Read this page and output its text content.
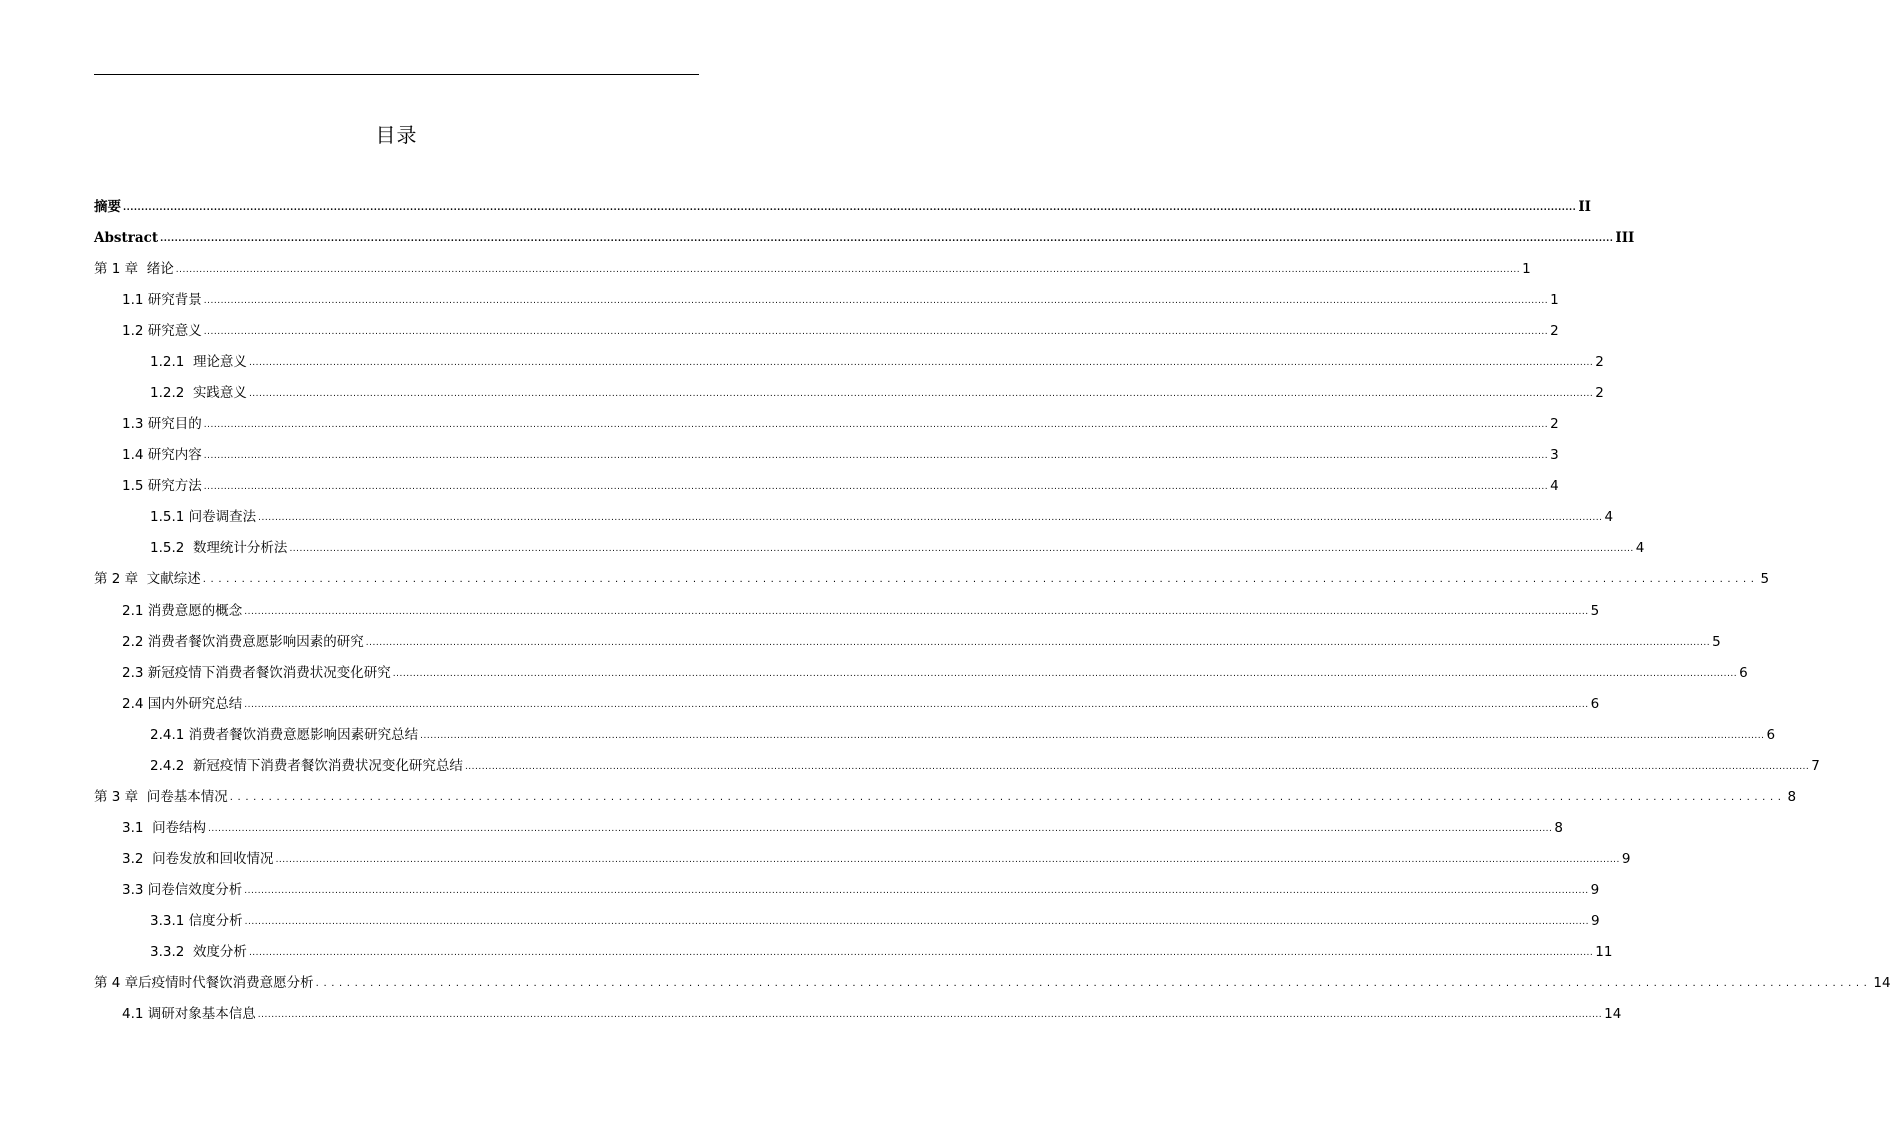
目录
摘要 ................................................................................................................................................................................................................................................................................................................................................................................................................ II
Abstract ................................................................................................................................................................................................................................................................................................................................................................................................................ III
第 1 章 绪论 ................................................................................................................................................................................................................................................................................................................................................................................................................ 1
1.1 研究背景 ................................................................................................................................................................................................................................................................................................................................................................................................................ 1
1.2 研究意义 ................................................................................................................................................................................................................................................................................................................................................................................................................ 2
1.2.1 理论意义 ................................................................................................................................................................................................................................................................................................................................................................................................................ 2
1.2.2 实践意义 ................................................................................................................................................................................................................................................................................................................................................................................................................ 2
1.3 研究目的 ................................................................................................................................................................................................................................................................................................................................................................................................................ 2
1.4 研究内容 ................................................................................................................................................................................................................................................................................................................................................................................................................ 3
1.5 研究方法 ................................................................................................................................................................................................................................................................................................................................................................................................................ 4
1.5.1 问卷调查法 ................................................................................................................................................................................................................................................................................................................................................................................................................ 4
1.5.2 数理统计分析法 ................................................................................................................................................................................................................................................................................................................................................................................................................ 4
第 2 章 文献综述 ........................................................................................................................................................................................................ 5
2.1 消费意愿的概念 ................................................................................................................................................................................................................................................................................................................................................................................................................ 5
2.2 消费者餐饮消费意愿影响因素的研究 ................................................................................................................................................................................................................................................................................................................................................................................................................ 5
2.3 新冠疫情下消费者餐饮消费状况变化研究 ................................................................................................................................................................................................................................................................................................................................................................................................................ 6
2.4 国内外研究总结 ................................................................................................................................................................................................................................................................................................................................................................................................................ 6
2.4.1 消费者餐饮消费意愿影响因素研究总结 ................................................................................................................................................................................................................................................................................................................................................................................................................ 6
2.4.2 新冠疫情下消费者餐饮消费状况变化研究总结 ................................................................................................................................................................................................................................................................................................................................................................................................................ 7
第 3 章 问卷基本情况 ........................................................................................................................................................................................................ 8
3.1 问卷结构 ................................................................................................................................................................................................................................................................................................................................................................................................................ 8
3.2 问卷发放和回收情况 ................................................................................................................................................................................................................................................................................................................................................................................................................ 9
3.3 问卷信效度分析 ................................................................................................................................................................................................................................................................................................................................................................................................................ 9
3.3.1 信度分析 ................................................................................................................................................................................................................................................................................................................................................................................................................ 9
3.3.2 效度分析 ................................................................................................................................................................................................................................................................................................................................................................................................................ 11
第 4 章 后疫情时代餐饮消费意愿分析 ........................................................................................................................................................................................................ 14
4.1 调研对象基本信息 ................................................................................................................................................................................................................................................................................................................................................................................................................ 14
